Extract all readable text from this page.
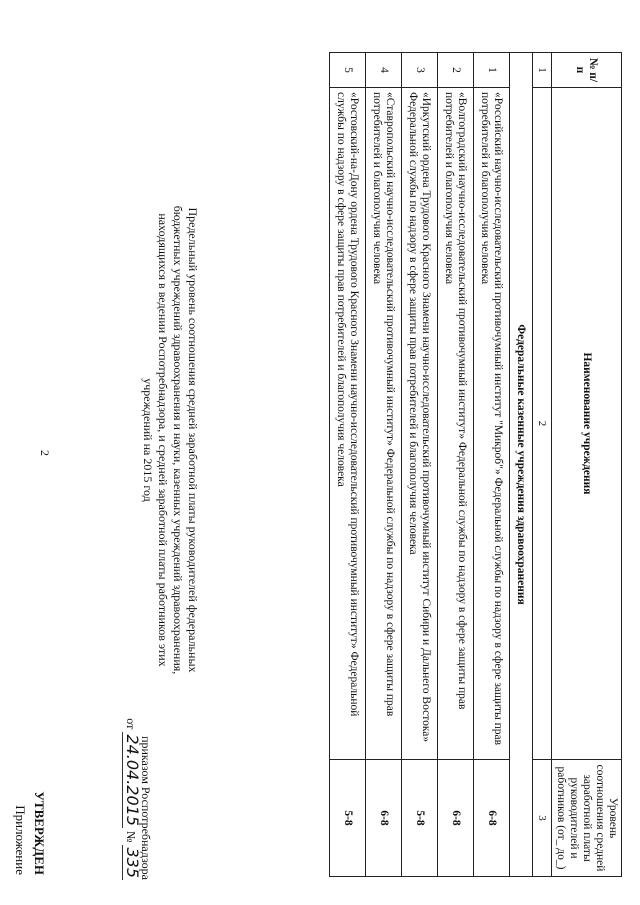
2
Приложение УТВЕРЖДЕН	приказом Роспотребнадзора
от 24.04.2015 № 335
Предельный уровень соотношения средней заработной платы руководителей федеральных бюджетных учреждений здравоохранения и науки, казенных учреждений здравоохранения, находящихся в ведении Роспотребнадзора, и средней заработной платы работников этих учреждений на 2015 год
№ п/п	Наименование учреждения	Уровень соотношения средней заработной платы руководителей и работников (от_ до_)
1	2	3
Федеральные казенные учреждения здравоохранения		
1	«Российский научно-исследовательский противочумный институт "Микроб"» Федеральной службы по надзору в сфере защиты прав потребителей и благополучия человека	6-8
2	«Волгоградский научно-исследовательский противочумный институт» Федеральной службы по надзору в сфере защиты прав потребителей и благополучия человека	6-8
3	«Иркутский ордена Трудового Красного Знамени научно-исследовательский противочумный институт Сибири и Дальнего Востока» Федеральной службы по надзору в сфере защиты прав потребителей и благополучия человека	5-8
4	«Ставропольский научно-исследовательский противочумный институт» Федеральной службы по надзору в сфере защиты прав потребителей и благополучия человека	6-8
5	«Ростовский-на-Дону ордена Трудового Красного Знамени научно-исследовательский противочумный институт» Федеральной службы по надзору в сфере защиты прав потребителей и благополучия человека	5-8
